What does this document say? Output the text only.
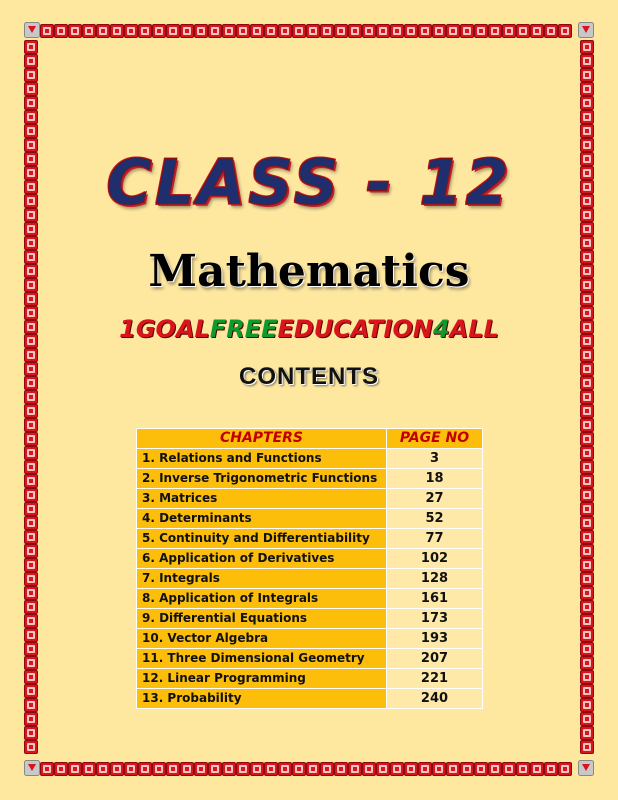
CLASS - 12
Mathematics
1GOALFREEEDUCATION4ALL
CONTENTS
CHAPTERS	PAGE NO
1. Relations and Functions	3
2. Inverse Trigonometric Functions	18
3. Matrices	27
4. Determinants	52
5. Continuity and Differentiability	77
6. Application of Derivatives	102
7. Integrals	128
8. Application of Integrals	161
9. Differential Equations	173
10. Vector Algebra	193
11. Three Dimensional Geometry	207
12. Linear Programming	221
13. Probability	240
